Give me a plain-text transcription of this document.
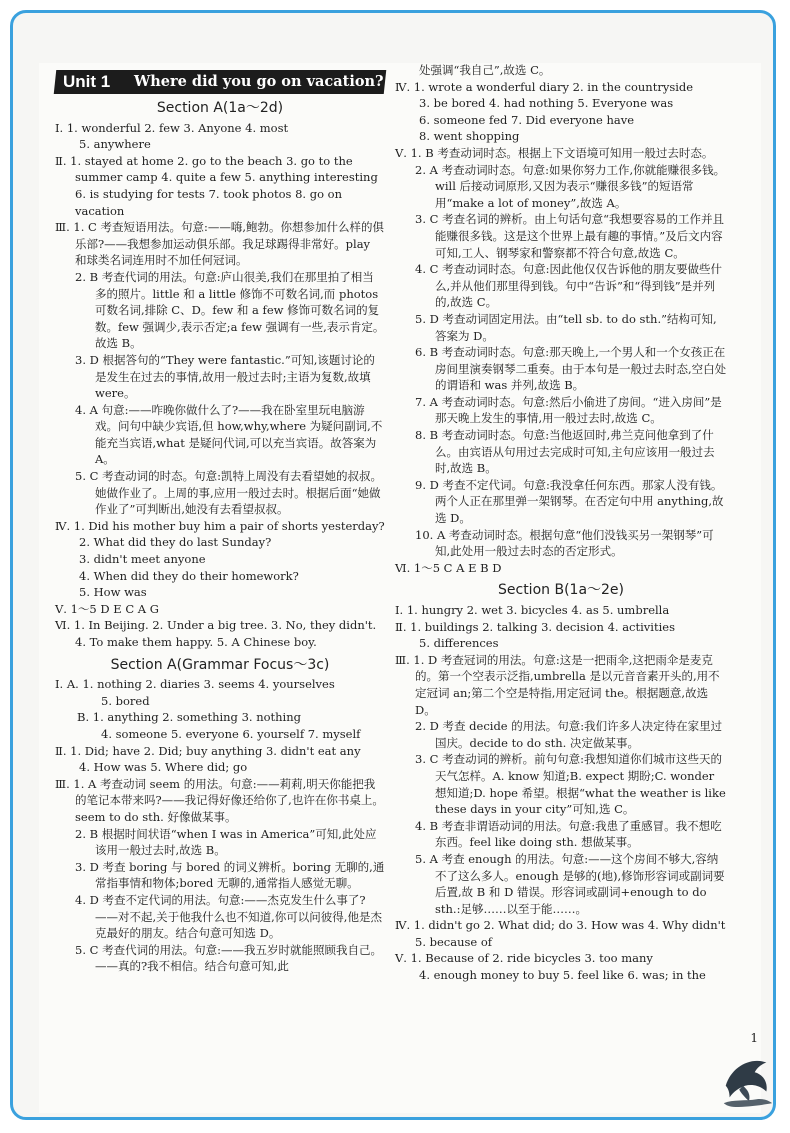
Unit 1	Where did you go on vacation?
Section A(1a～2d)

Ⅰ. 1. wonderful 2. few 3. Anyone 4. most

5. anywhere

Ⅱ. 1. stayed at home 2. go to the beach 3. go to the summer camp 4. quite a few 5. anything interesting 6. is studying for tests 7. took photos 8. go on vacation

Ⅲ. 1. C 考查短语用法。句意:——嗨,鲍勃。你想参加什么样的俱乐部?——我想参加运动俱乐部。我足球踢得非常好。play 和球类名词连用时不加任何冠词。

2. B 考查代词的用法。句意:庐山很美,我们在那里拍了相当多的照片。little 和 a little 修饰不可数名词,而 photos 可数名词,排除 C、D。few 和 a few 修饰可数名词的复数。few 强调少,表示否定;a few 强调有一些,表示肯定。故选 B。

3. D 根据答句的“They were fantastic.”可知,该题讨论的是发生在过去的事情,故用一般过去时;主语为复数,故填 were。

4. A 句意:——咋晚你做什么了?——我在卧室里玩电脑游戏。问句中缺少宾语,但 how,why,where 为疑问副词,不能充当宾语,what 是疑问代词,可以充当宾语。故答案为 A。

5. C 考查动词的时态。句意:凯特上周没有去看望她的叔叔。她做作业了。上周的事,应用一般过去时。根据后面“她做作业了”可判断出,她没有去看望叔叔。

Ⅳ. 1. Did his mother buy him a pair of shorts yesterday?

2. What did they do last Sunday?

3. didn't meet anyone

4. When did they do their homework?

5. How was

Ⅴ. 1～5 D E C A G

Ⅵ. 1. In Beijing. 2. Under a big tree. 3. No, they didn't. 4. To make them happy. 5. A Chinese boy.

Section A(Grammar Focus～3c)

Ⅰ. A. 1. nothing 2. diaries 3. seems 4. yourselves

5. bored

B. 1. anything 2. something 3. nothing

4. someone 5. everyone 6. yourself 7. myself

Ⅱ. 1. Did; have 2. Did; buy anything 3. didn't eat any

4. How was 5. Where did; go

Ⅲ. 1. A 考查动词 seem 的用法。句意:——莉莉,明天你能把我的笔记本带来吗?——我记得好像还给你了,也许在你书桌上。seem to do sth. 好像做某事。

2. B 根据时间状语“when I was in America”可知,此处应该用一般过去时,故选 B。

3. D 考查 boring 与 bored 的词义辨析。boring 无聊的,通常指事情和物体;bored 无聊的,通常指人感觉无聊。

4. D 考查不定代词的用法。句意:——杰克发生什么事了?——对不起,关于他我什么也不知道,你可以问彼得,他是杰克最好的朋友。结合句意可知选 D。

5. C 考查代词的用法。句意:——我五岁时就能照顾我自己。——真的?我不相信。结合句意可知,此

处强调“我自己”,故选 C。

Ⅳ. 1. wrote a wonderful diary 2. in the countryside

3. be bored 4. had nothing 5. Everyone was

6. someone fed 7. Did everyone have

8. went shopping

Ⅴ. 1. B 考查动词时态。根据上下文语境可知用一般过去时态。

2. A 考查动词时态。句意:如果你努力工作,你就能赚很多钱。will 后接动词原形,又因为表示“赚很多钱”的短语常用“make a lot of money”,故选 A。

3. C 考查名词的辨析。由上句话句意“我想要容易的工作并且能赚很多钱。这是这个世界上最有趣的事情。”及后文内容可知,工人、钢琴家和警察都不符合句意,故选 C。

4. C 考查动词时态。句意:因此他仅仅告诉他的朋友要做些什么,并从他们那里得到钱。句中“告诉”和“得到钱”是并列的,故选 C。

5. D 考查动词固定用法。由“tell sb. to do sth.”结构可知,答案为 D。

6. B 考查动词时态。句意:那天晚上,一个男人和一个女孩正在房间里演奏钢琴二重奏。由于本句是一般过去时态,空白处的谓语和 was 并列,故选 B。

7. A 考查动词时态。句意:然后小偷进了房间。“进入房间”是那天晚上发生的事情,用一般过去时,故选 C。

8. B 考查动词时态。句意:当他返回时,弗兰克问他拿到了什么。由宾语从句用过去完成时可知,主句应该用一般过去时,故选 B。

9. D 考查不定代词。句意:我没拿任何东西。那家人没有钱。两个人正在那里弹一架钢琴。在否定句中用 anything,故选 D。

10. A 考查动词时态。根据句意“他们没钱买另一架钢琴”可知,此处用一般过去时态的否定形式。

Ⅵ. 1～5 C A E B D

Section B(1a～2e)

Ⅰ. 1. hungry 2. wet 3. bicycles 4. as 5. umbrella

Ⅱ. 1. buildings 2. talking 3. decision 4. activities

5. differences

Ⅲ. 1. D 考查冠词的用法。句意:这是一把雨伞,这把雨伞是麦克的。第一个空表示泛指,umbrella 是以元音音素开头的,用不定冠词 an;第二个空是特指,用定冠词 the。根据题意,故选 D。

2. D 考查 decide 的用法。句意:我们许多人决定待在家里过国庆。decide to do sth. 决定做某事。

3. C 考查动词的辨析。前句句意:我想知道你们城市这些天的天气怎样。A. know 知道;B. expect 期盼;C. wonder 想知道;D. hope 希望。根据“what the weather is like these days in your city”可知,选 C。

4. B 考查非谓语动词的用法。句意:我患了重感冒。我不想吃东西。feel like doing sth. 想做某事。

5. A 考查 enough 的用法。句意:——这个房间不够大,容纳不了这么多人。enough 是够的(地),修饰形容词或副词要后置,故 B 和 D 错误。形容词或副词+enough to do sth.:足够……以至于能……。

Ⅳ. 1. didn't go 2. What did; do 3. How was 4. Why didn't 5. because of

Ⅴ. 1. Because of 2. ride bicycles 3. too many

4. enough money to buy 5. feel like 6. was; in the

1
